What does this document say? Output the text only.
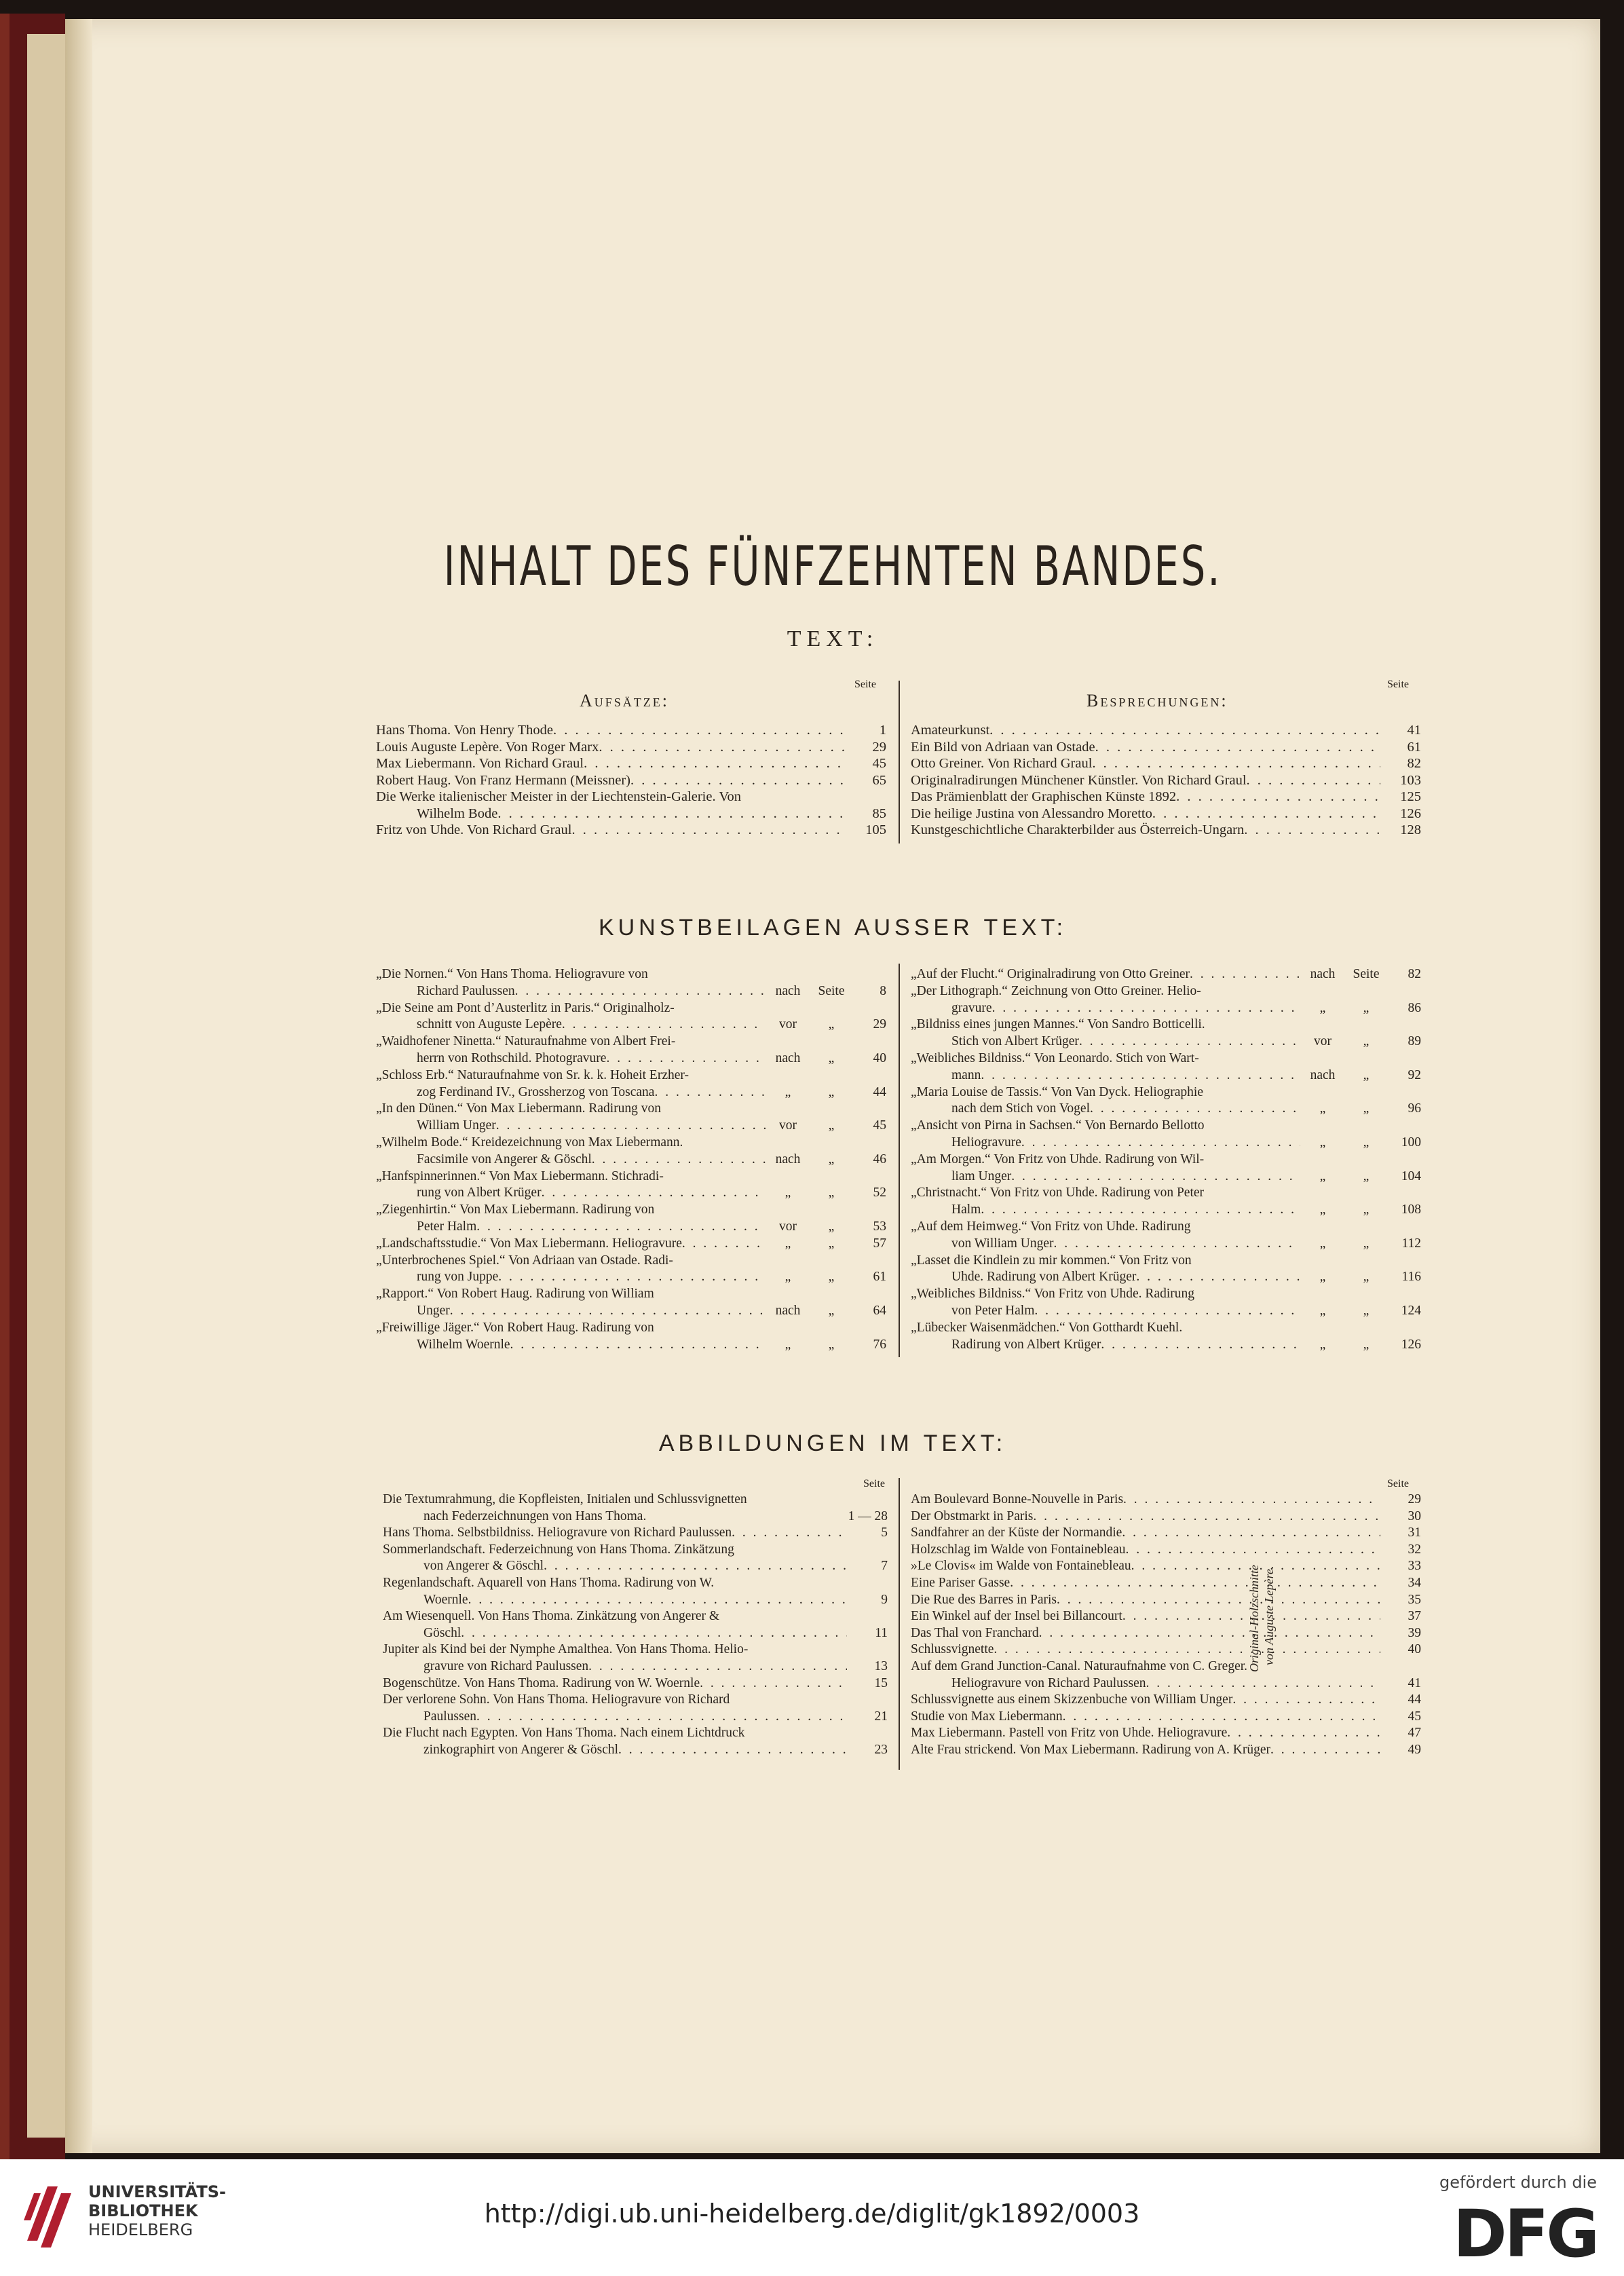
INHALT DES FÜNFZEHNTEN BANDES.
TEXT:
Seite	Seite
Aufsätze:	Besprechungen:
Hans Thoma. Von Henry Thode . . .	1
Louis Auguste Lepère. Von Roger Marx . . .	29
Max Liebermann. Von Richard Graul . . .	45
Robert Haug. Von Franz Hermann (Meissner) . . .	65
Die Werke italienischer Meister in der Liechtenstein-Galerie. Von
Wilhelm Bode . . .	85
Fritz von Uhde. Von Richard Graul . . .	105
Amateurkunst . . .	41
Ein Bild von Adriaan van Ostade . . .	61
Otto Greiner. Von Richard Graul . . .	82
Originalradirungen Münchener Künstler. Von Richard Graul . . .	103
Das Prämienblatt der Graphischen Künste 1892 . . .	125
Die heilige Justina von Alessandro Moretto . . .	126
Kunstgeschichtliche Charakterbilder aus Österreich-Ungarn . . .	128
KUNSTBEILAGEN AUSSER TEXT:
„Die Nornen.“ Von Hans Thoma. Heliogravure von
Richard Paulussen . . .	nach	Seite	8
„Die Seine am Pont d’Austerlitz in Paris.“ Originalholz-
schnitt von Auguste Lepère . . .	vor	„	29
„Waidhofener Ninetta.“ Naturaufnahme von Albert Frei-
herrn von Rothschild. Photogravure . . .	nach	„	40
„Schloss Erb.“ Naturaufnahme von Sr. k. k. Hoheit Erzher-
zog Ferdinand IV., Grossherzog von Toscana . . .	„	„	44
„In den Dünen.“ Von Max Liebermann. Radirung von
William Unger . . .	vor	„	45
„Wilhelm Bode.“ Kreidezeichnung von Max Liebermann.
Facsimile von Angerer & Göschl . . .	nach	„	46
„Hanfspinnerinnen.“ Von Max Liebermann. Stichradi-
rung von Albert Krüger . . .	„	„	52
„Ziegenhirtin.“ Von Max Liebermann. Radirung von
Peter Halm . . .	vor	„	53
„Landschaftsstudie.“ Von Max Liebermann. Heliogravure . . .	„	„	57
„Unterbrochenes Spiel.“ Von Adriaan van Ostade. Radi-
rung von Juppe . . .	„	„	61
„Rapport.“ Von Robert Haug. Radirung von William
Unger . . .	nach	„	64
„Freiwillige Jäger.“ Von Robert Haug. Radirung von
Wilhelm Woernle . . .	„	„	76
„Auf der Flucht.“ Originalradirung von Otto Greiner . . .	nach	Seite	82
„Der Lithograph.“ Zeichnung von Otto Greiner. Helio-
gravure . . .	„	„	86
„Bildniss eines jungen Mannes.“ Von Sandro Botticelli.
Stich von Albert Krüger . . .	vor	„	89
„Weibliches Bildniss.“ Von Leonardo. Stich von Wart-
mann . . .	nach	„	92
„Maria Louise de Tassis.“ Von Van Dyck. Heliographie
nach dem Stich von Vogel . . .	„	„	96
„Ansicht von Pirna in Sachsen.“ Von Bernardo Bellotto
Heliogravure . . .	„	„	100
„Am Morgen.“ Von Fritz von Uhde. Radirung von Wil-
liam Unger . . .	„	„	104
„Christnacht.“ Von Fritz von Uhde. Radirung von Peter
Halm . . .	„	„	108
„Auf dem Heimweg.“ Von Fritz von Uhde. Radirung
von William Unger . . .	„	„	112
„Lasset die Kindlein zu mir kommen.“ Von Fritz von
Uhde. Radirung von Albert Krüger . . .	„	„	116
„Weibliches Bildniss.“ Von Fritz von Uhde. Radirung
von Peter Halm . . .	„	„	124
„Lübecker Waisenmädchen.“ Von Gotthardt Kuehl.
Radirung von Albert Krüger . . .	„	„	126
ABBILDUNGEN IM TEXT:
Seite	Seite
Die Textumrahmung, die Kopfleisten, Initialen und Schlussvignetten
nach Federzeichnungen von Hans Thoma.	1 — 28
Hans Thoma. Selbstbildniss. Heliogravure von Richard Paulussen . . .	5
Sommerlandschaft. Federzeichnung von Hans Thoma. Zinkätzung
von Angerer & Göschl . . .	7
Regenlandschaft. Aquarell von Hans Thoma. Radirung von W.
Woernle . . .	9
Am Wiesenquell. Von Hans Thoma. Zinkätzung von Angerer &
Göschl . . .	11
Jupiter als Kind bei der Nymphe Amalthea. Von Hans Thoma. Helio-
gravure von Richard Paulussen . . .	13
Bogenschütze. Von Hans Thoma. Radirung von W. Woernle . . .	15
Der verlorene Sohn. Von Hans Thoma. Heliogravure von Richard
Paulussen . . .	21
Die Flucht nach Egypten. Von Hans Thoma. Nach einem Lichtdruck
zinkographirt von Angerer & Göschl . . .	23
Am Boulevard Bonne-Nouvelle in Paris . . .	29
Der Obstmarkt in Paris . . .	30
Sandfahrer an der Küste der Normandie . . .	31
Holzschlag im Walde von Fontainebleau . . .	32
»Le Clovis« im Walde von Fontainebleau . . .	33
Eine Pariser Gasse . . .	34
Die Rue des Barres in Paris . . .	35
Ein Winkel auf der Insel bei Billancourt . . .	37
Das Thal von Franchard . . .	39
Schlussvignette . . .	40
Auf dem Grand Junction-Canal. Naturaufnahme von C. Greger.
Heliogravure von Richard Paulussen . . .	41
Schlussvignette aus einem Skizzenbuche von William Unger . . .	44
Studie von Max Liebermann . . .	45
Max Liebermann. Pastell von Fritz von Uhde. Heliogravure . . .	47
Alte Frau strickend. Von Max Liebermann. Radirung von A. Krüger . . .	49
Original-Holzschnitte von Auguste Lepère.
UNIVERSITÄTS-
BIBLIOTHEK
HEIDELBERG
http://digi.ub.uni-heidelberg.de/diglit/gk1892/0003
gefördert durch die
DFG
